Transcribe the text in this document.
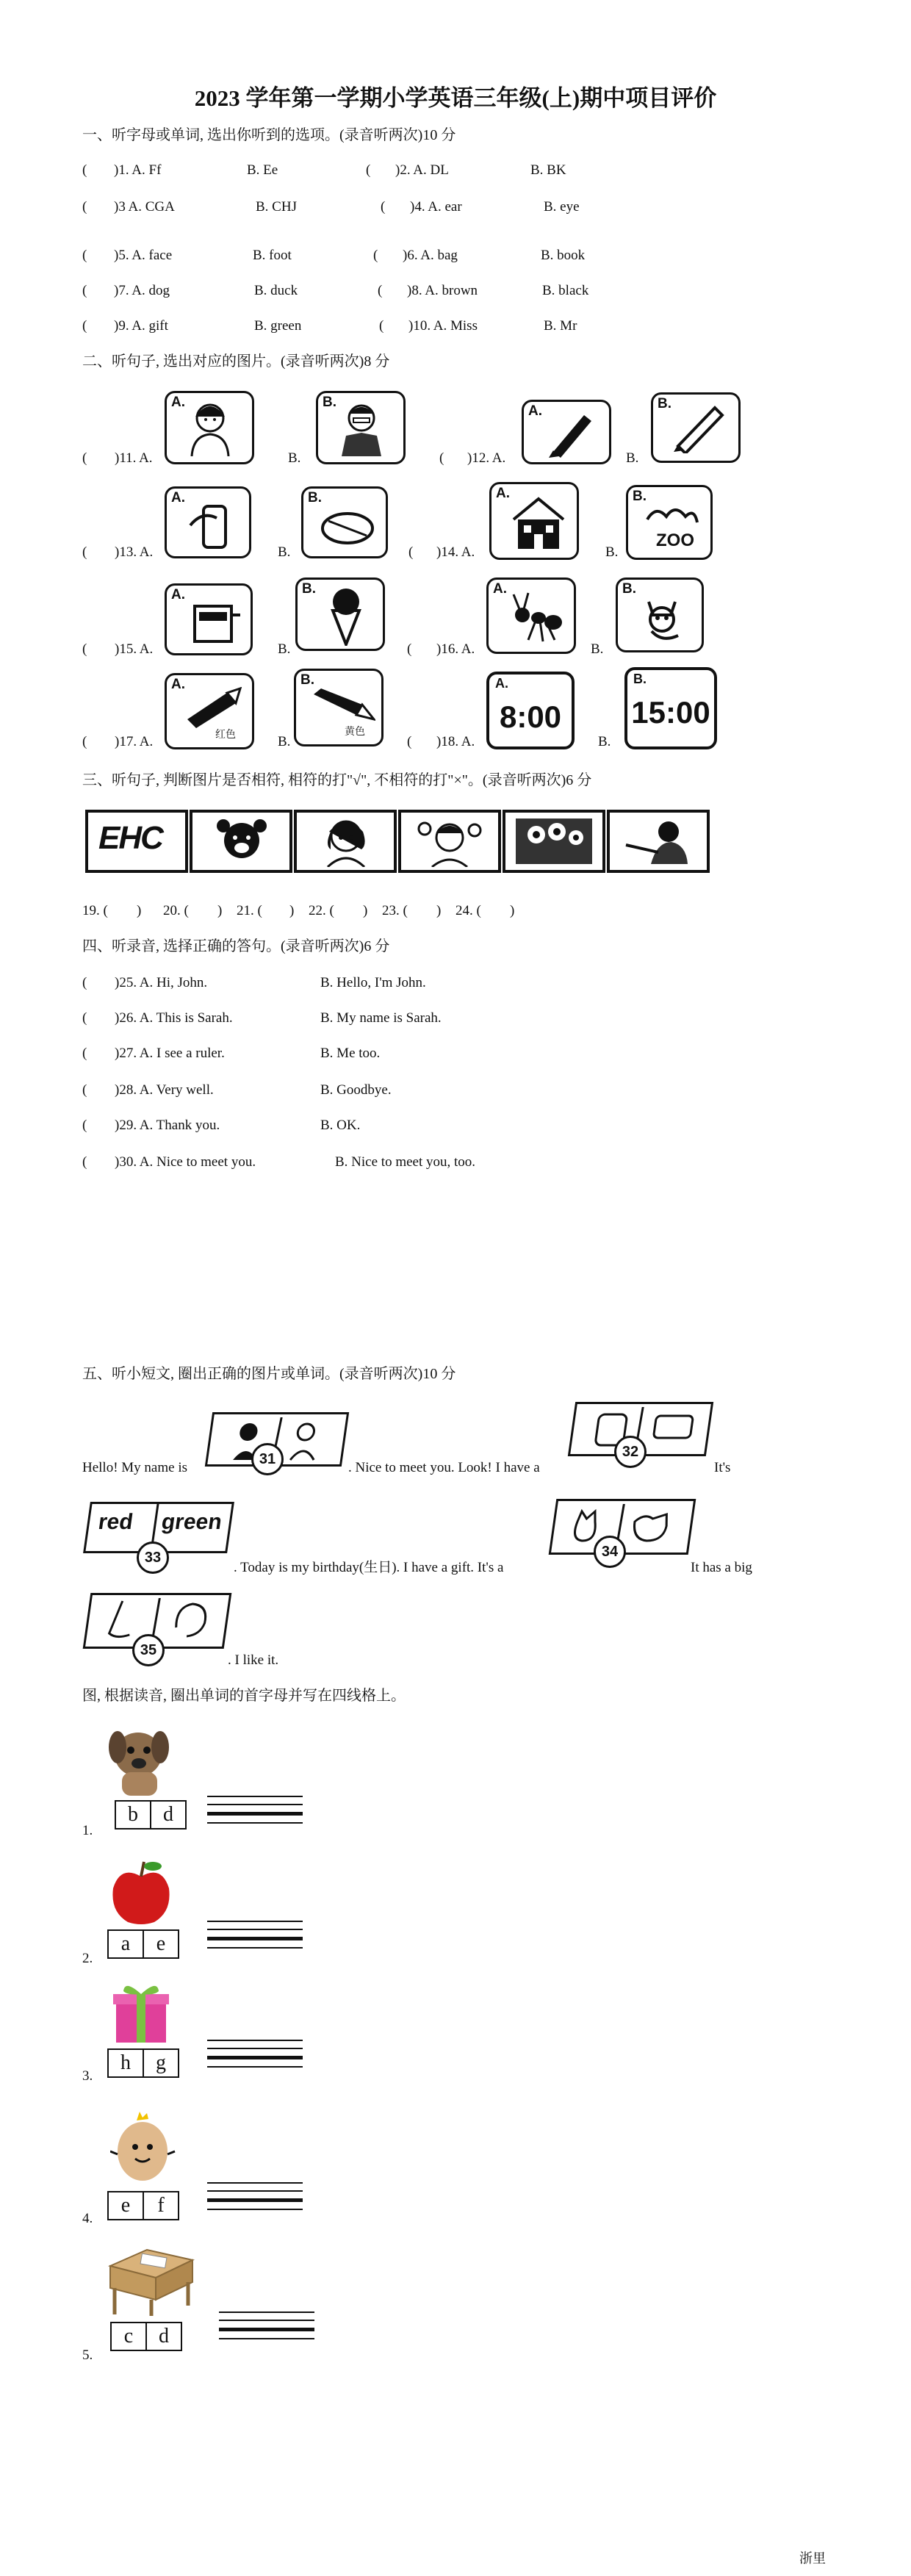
2023 学年第一学期小学英语三年级(上)期中项目评价
一、听字母或单词, 选出你听到的选项。(录音听两次)10 分
( )1. A. Ff	B. Ee	( )2. A. DL	B. BK
( )3 A. CGA	B. CHJ	( )4. A. ear	B. eye
( )5. A. face	B. foot	( )6. A. bag	B. book
( )7. A. dog	B. duck	( )8. A. brown	B. black
( )9. A. gift	B. green	( )10. A. Miss	B. Mr
二、听句子, 选出对应的图片。(录音听两次)8 分
( )11. A.
A.
B.
B.
( )12. A.
A.
B.
B.
( )13. A.
A.
B.
B.
( )14. A.
A.
B.
B.
ZOO
( )15. A.
A.
B.
B.
( )16. A.
A.
B.
B.
( )17. A.
A.
红色	B.
B.
黄色
( )18. A.
A.
8:00
B.
B.
15:00
三、听句子, 判断图片是否相符, 相符的打"√", 不相符的打"×"。(录音听两次)6 分
EHC
19. ( ) 20. ( ) 21. ( ) 22. ( ) 23. ( ) 24. ( )
四、听录音, 选择正确的答句。(录音听两次)6 分
( )25. A. Hi, John.	B. Hello, I'm John.
( )26. A. This is Sarah.	B. My name is Sarah.
( )27. A. I see a ruler.	B. Me too.
( )28. A. Very well.	B. Goodbye.
( )29. A. Thank you.	B. OK.
( )30. A. Nice to meet you.	B. Nice to meet you, too.
五、听小短文, 圈出正确的图片或单词。(录音听两次)10 分
Hello! My name is
31
. Nice to meet you. Look! I have a
32
It's
red green
33
. Today is my birthday(生日). I have a gift. It's a
34
It has a big
35
. I like it.
图, 根据读音, 圈出单词的首字母并写在四线格上。
1.
b	d
2.
a	e
3.
h	g
4.
e	f
5.
c	d
浙里
